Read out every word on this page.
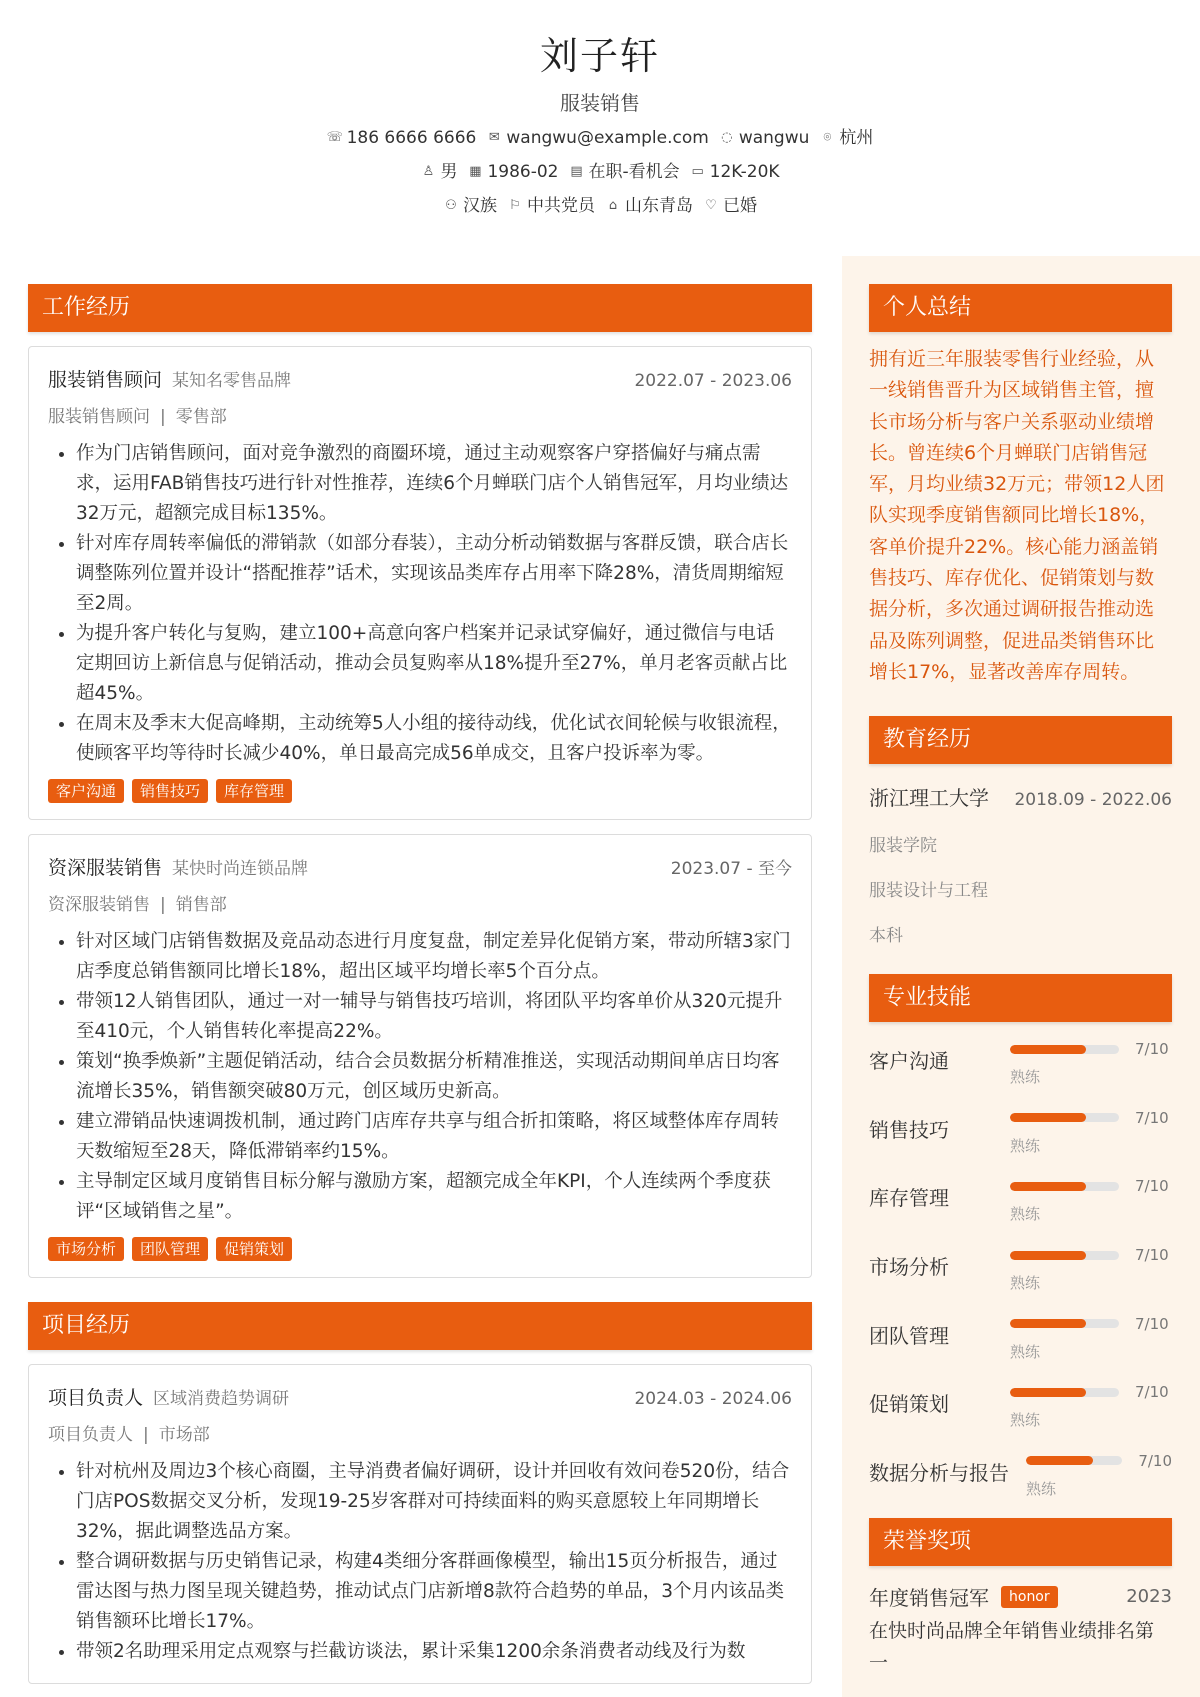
刘子轩
服装销售
☏ 186 6666 6666 ✉ wangwu@example.com ◌ wangwu	⌾ 杭州
♙ 男 ▦ 1986-02 ▤ 在职-看机会 ▭ 12K-20K
⚇ 汉族 ⚐ 中共党员 ⌂ 山东青岛 ♡ 已婚
工作经历
服装销售顾问 某知名零售品牌	2022.07 - 2023.06
服装销售顾问 | 零售部
• 作为门店销售顾问，面对竞争激烈的商圈环境，通过主动观察客户穿搭偏好与痛点需求，运用FAB销售技巧进行针对性推荐，连续6个月蝉联门店个人销售冠军，月均业绩达32万元，超额完成目标135%。
• 针对库存周转率偏低的滞销款（如部分春装），主动分析动销数据与客群反馈，联合店长调整陈列位置并设计“搭配推荐”话术，实现该品类库存占用率下降28%，清货周期缩短至2周。
• 为提升客户转化与复购，建立100+高意向客户档案并记录试穿偏好，通过微信与电话定期回访上新信息与促销活动，推动会员复购率从18%提升至27%，单月老客贡献占比超45%。
• 在周末及季末大促高峰期，主动统筹5人小组的接待动线，优化试衣间轮候与收银流程，使顾客平均等待时长减少40%，单日最高完成56单成交，且客户投诉率为零。
客户沟通	销售技巧	库存管理
资深服装销售 某快时尚连锁品牌	2023.07 - 至今
资深服装销售 | 销售部
• 针对区域门店销售数据及竞品动态进行月度复盘，制定差异化促销方案，带动所辖3家门店季度总销售额同比增长18%，超出区域平均增长率5个百分点。
• 带领12人销售团队，通过一对一辅导与销售技巧培训，将团队平均客单价从320元提升至410元，个人销售转化率提高22%。
• 策划“换季焕新”主题促销活动，结合会员数据分析精准推送，实现活动期间单店日均客流增长35%，销售额突破80万元，创区域历史新高。
• 建立滞销品快速调拨机制，通过跨门店库存共享与组合折扣策略，将区域整体库存周转天数缩短至28天，降低滞销率约15%。
• 主导制定区域月度销售目标分解与激励方案，超额完成全年KPI，个人连续两个季度获评“区域销售之星”。
市场分析	团队管理	促销策划
项目经历
项目负责人 区域消费趋势调研	2024.03 - 2024.06
项目负责人 | 市场部
• 针对杭州及周边3个核心商圈，主导消费者偏好调研，设计并回收有效问卷520份，结合门店POS数据交叉分析，发现19-25岁客群对可持续面料的购买意愿较上年同期增长32%，据此调整选品方案。
• 整合调研数据与历史销售记录，构建4类细分客群画像模型，输出15页分析报告，通过雷达图与热力图呈现关键趋势，推动试点门店新增8款符合趋势的单品，3个月内该品类销售额环比增长17%。
• 带领2名助理采用定点观察与拦截访谈法，累计采集1200余条消费者动线及行为数
个人总结

拥有近三年服装零售行业经验，从一线销售晋升为区域销售主管，擅长市场分析与客户关系驱动业绩增长。曾连续6个月蝉联门店销售冠军，月均业绩32万元；带领12人团队实现季度销售额同比增长18%，客单价提升22%。核心能力涵盖销售技巧、库存优化、促销策划与数据分析，多次通过调研报告推动选品及陈列调整，促进品类销售环比增长17%，显著改善库存周转。

教育经历
浙江理工大学 2018.09 - 2022.06
服装学院
服装设计与工程
本科
专业技能
客户沟通	7/10
熟练
销售技巧	7/10
熟练
库存管理	7/10
熟练
市场分析	7/10
熟练
团队管理	7/10
熟练
促销策划	7/10
熟练
数据分析与报告	7/10
熟练
荣誉奖项
年度销售冠军	honor	2023
在快时尚品牌全年销售业绩排名第一
